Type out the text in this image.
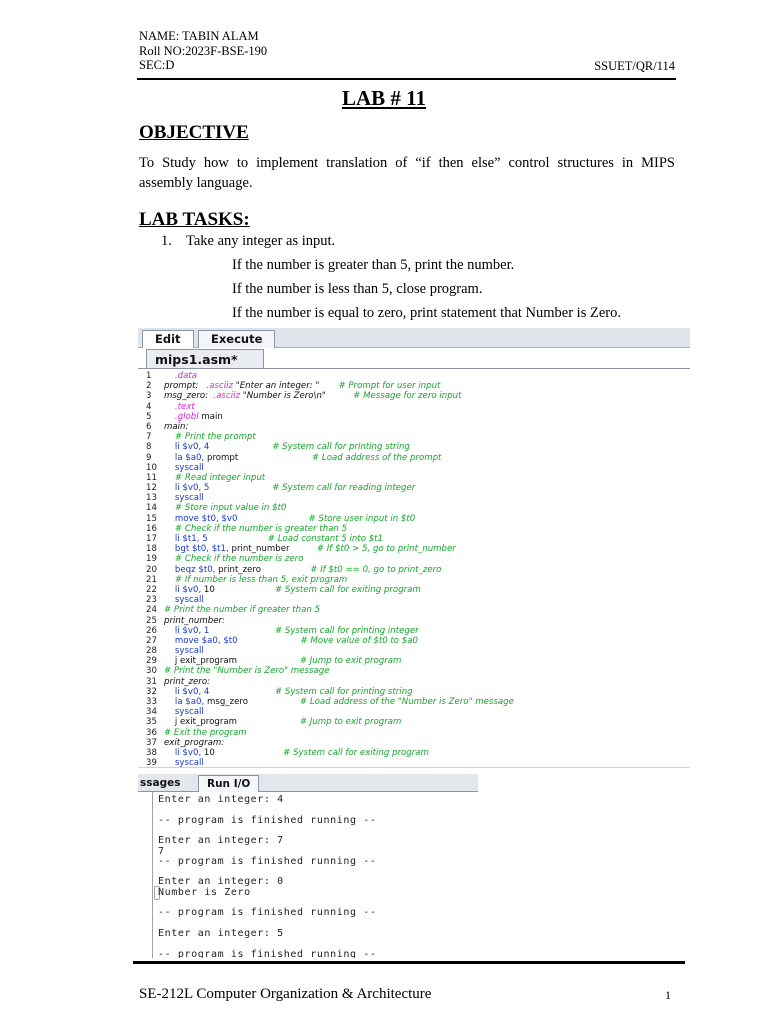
NAME: TABIN ALAM
Roll NO:2023F-BSE-190
SEC:D	SSUET/QR/114
LAB # 11
OBJECTIVE
To Study how to implement translation of “if then else” control structures in MIPS assembly language.
LAB TASKS:
1. Take any integer as input.
If the number is greater than 5, print the number.
If the number is less than 5, close program.
If the number is equal to zero, print statement that Number is Zero.
Edit	Execute
mips1.asm*
1	.data
2	prompt:   .asciiz "Enter an integer: "       # Prompt for user input
3	msg_zero:  .asciiz "Number is Zero\n"          # Message for zero input
4	.text
5	.globl main
6	main:
7	# Print the prompt
8	li $v0, 4                       # System call for printing string
9	la $a0, prompt                           # Load address of the prompt
10 syscall
11 # Read integer input
12 li $v0, 5                       # System call for reading integer
13 syscall
14 # Store input value in $t0
15 move $t0, $v0                          # Store user input in $t0
16 # Check if the number is greater than 5
17 li $t1, 5                      # Load constant 5 into $t1
18 bgt $t0, $t1, print_number          # If $t0 > 5, go to print_number
19 # Check if the number is zero
20 beqz $t0, print_zero                  # If $t0 == 0, go to print_zero
21 # If number is less than 5, exit program
22 li $v0, 10                      # System call for exiting program
23 syscall
24 # Print the number if greater than 5
25 print_number:
26 li $v0, 1                        # System call for printing integer
27 move $a0, $t0                       # Move value of $t0 to $a0
28 syscall
29 j exit_program                       # Jump to exit program
30 # Print the "Number is Zero" message
31 print_zero:
32 li $v0, 4                        # System call for printing string
33 la $a0, msg_zero                   # Load address of the "Number is Zero" message
34 syscall
35 j exit_program                       # Jump to exit program
36 # Exit the program
37 exit_program:
38 li $v0, 10                         # System call for exiting program
39 syscall
ssages	Run I/O
Enter an integer: 4
-- program is finished running --
Enter an integer: 7
7
-- program is finished running --
Enter an integer: 0
Number is Zero
-- program is finished running --
Enter an integer: 5
-- program is finished running --
SE-212L Computer Organization & Architecture	1
